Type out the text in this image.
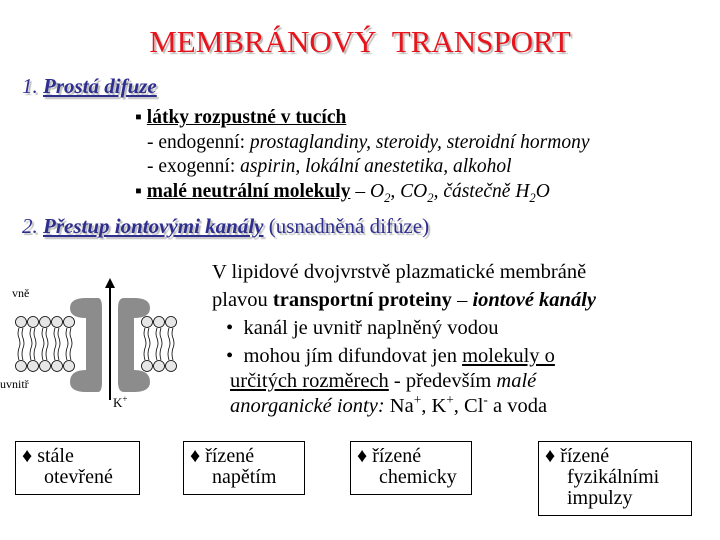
MEMBRÁNOVÝ TRANSPORT
1. Prostá difuze
▪ látky rozpustné v tucích
- endogenní: prostaglandiny, steroidy, steroidní hormony
- exogenní: aspirin, lokální anestetika, alkohol
▪ malé neutrální molekuly – $O_2$, $CO_2$, částečně $H_2O$
2. Přestup iontovými kanály (usnadněná difúze)
vně
uvnitř
K+
V lipidové dvojvrstvě plazmatické membráně
plavou transportní proteiny – iontové kanály
•  kanál je uvnitř naplněný vodou
•  mohou jím difundovat jen molekuly o
určitých rozměrech - především malé
anorganické ionty: Na+, K+, Cl- a voda
♦ stále
otevřené
♦ řízené
napětím
♦ řízené
chemicky
♦ řízené
fyzikálními
impulzy
